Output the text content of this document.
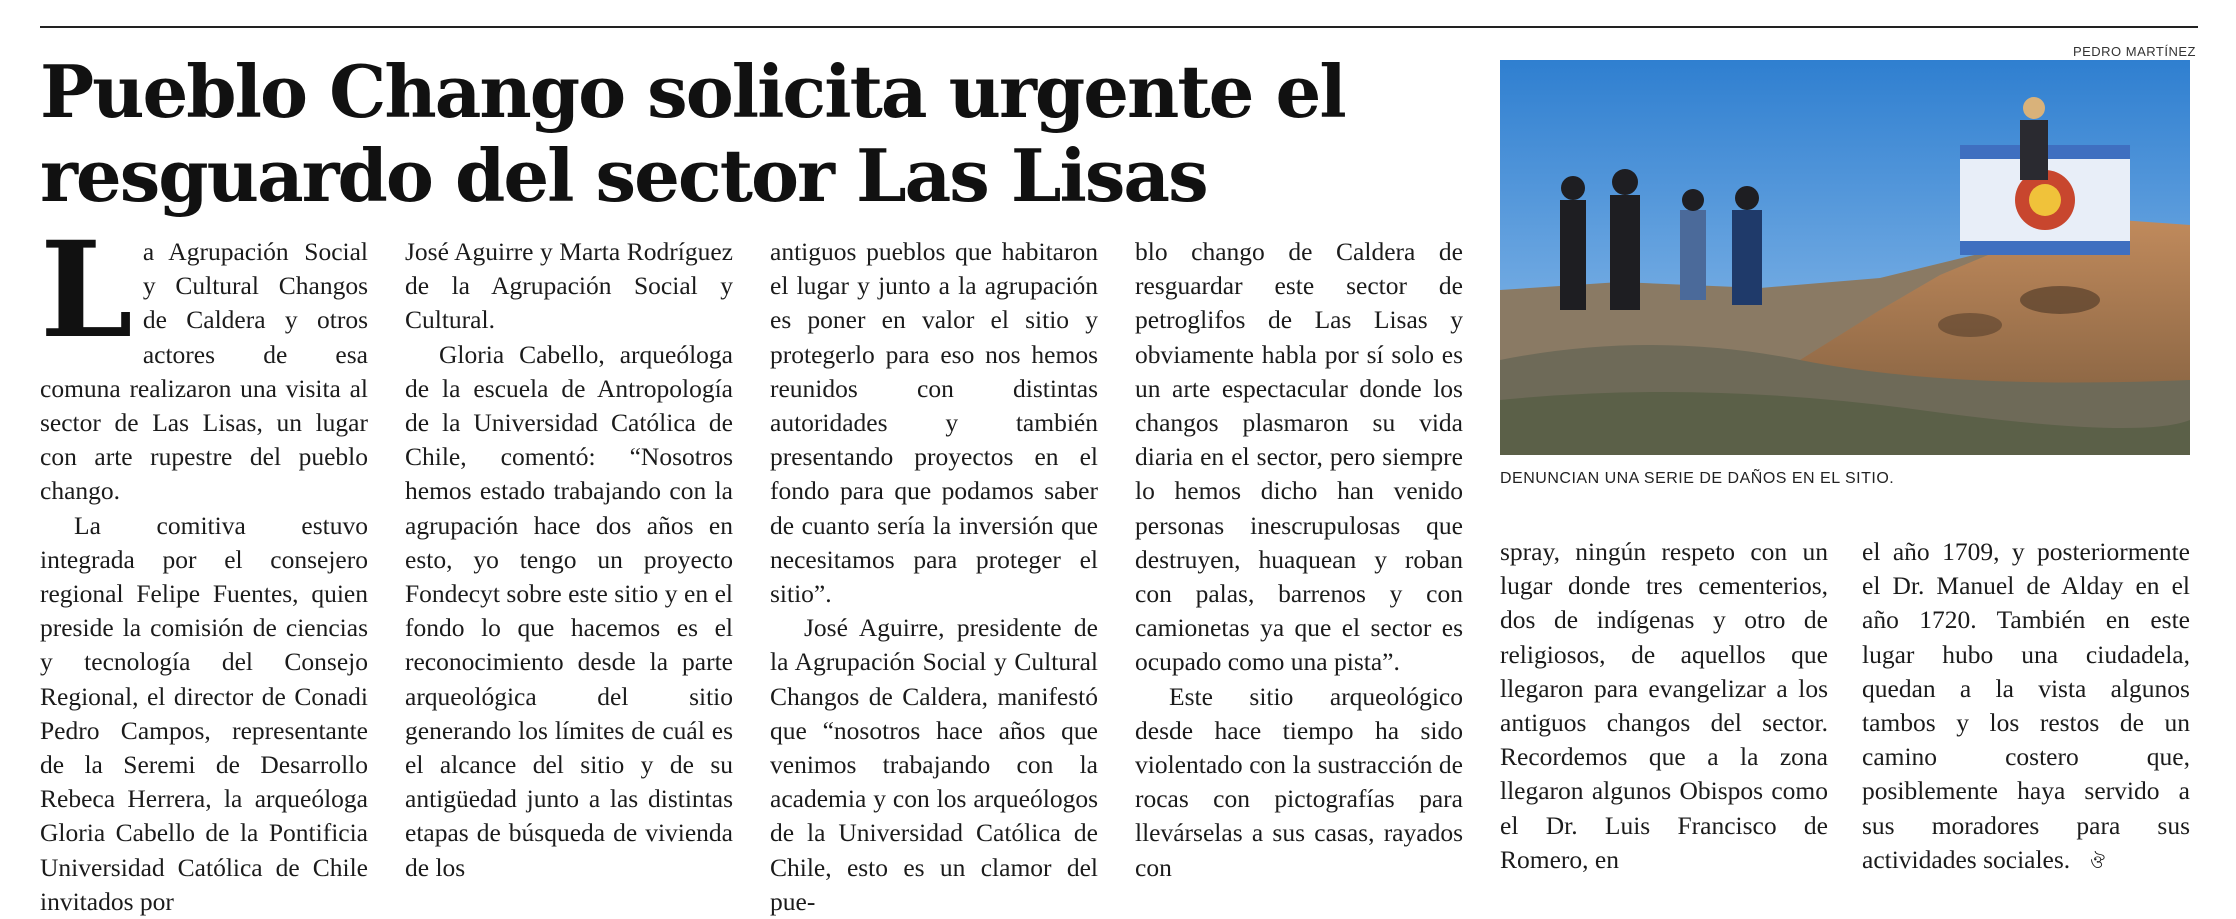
Pueblo Chango solicita urgente el
resguardo del sector Las Lisas
PEDRO MARTÍNEZ
DENUNCIAN UNA SERIE DE DAÑOS EN EL SITIO.
L a Agrupación Social y Cultural Changos de Caldera y otros actores de esa comuna realizaron una visita al sector de Las Lisas, un lugar con arte rupestre del pueblo chango.

La comitiva estuvo integrada por el consejero regional Felipe Fuentes, quien preside la comisión de ciencias y tecnología del Consejo Regional, el director de Conadi Pedro Campos, representante de la Seremi de Desarrollo Rebeca Herrera, la arqueóloga Gloria Cabello de la Pontificia Universidad Católica de Chile invitados por

José Aguirre y Marta Rodríguez de la Agrupación Social y Cultural.

Gloria Cabello, arqueóloga de la escuela de Antropología de la Universidad Católica de Chile, comentó: “Nosotros hemos estado trabajando con la agrupación hace dos años en esto, yo tengo un proyecto Fondecyt sobre este sitio y en el fondo lo que hacemos es el reconocimiento desde la parte arqueológica del sitio generando los límites de cuál es el alcance del sitio y de su antigüedad junto a las distintas etapas de búsqueda de vivienda de los

antiguos pueblos que habitaron el lugar y junto a la agrupación es poner en valor el sitio y protegerlo para eso nos hemos reunidos con distintas autoridades y también presentando proyectos en el fondo para que podamos saber de cuanto sería la inversión que necesitamos para proteger el sitio”.

José Aguirre, presidente de la Agrupación Social y Cultural Changos de Caldera, manifestó que “nosotros hace años que venimos trabajando con la academia y con los arqueólogos de la Universidad Católica de Chile, esto es un clamor del pue-

blo chango de Caldera de resguardar este sector de petroglifos de Las Lisas y obviamente habla por sí solo es un arte espectacular donde los changos plasmaron su vida diaria en el sector, pero siempre lo hemos dicho han venido personas inescrupulosas que destruyen, huaquean y roban con palas, barrenos y con camionetas ya que el sector es ocupado como una pista”.

Este sitio arqueológico desde hace tiempo ha sido violentado con la sustracción de rocas con pictografías para llevárselas a sus casas, rayados con

spray, ningún respeto con un lugar donde tres cementerios, dos de indígenas y otro de religiosos, de aquellos que llegaron para evangelizar a los antiguos changos del sector. Recordemos que a la zona llegaron algunos Obispos como el Dr. Luis Francisco de Romero, en

el año 1709, y posteriormente el Dr. Manuel de Alday en el año 1720. También en este lugar hubo una ciudadela, quedan a la vista algunos tambos y los restos de un camino costero que, posiblemente haya servido a sus moradores para sus actividades sociales. ঔ
